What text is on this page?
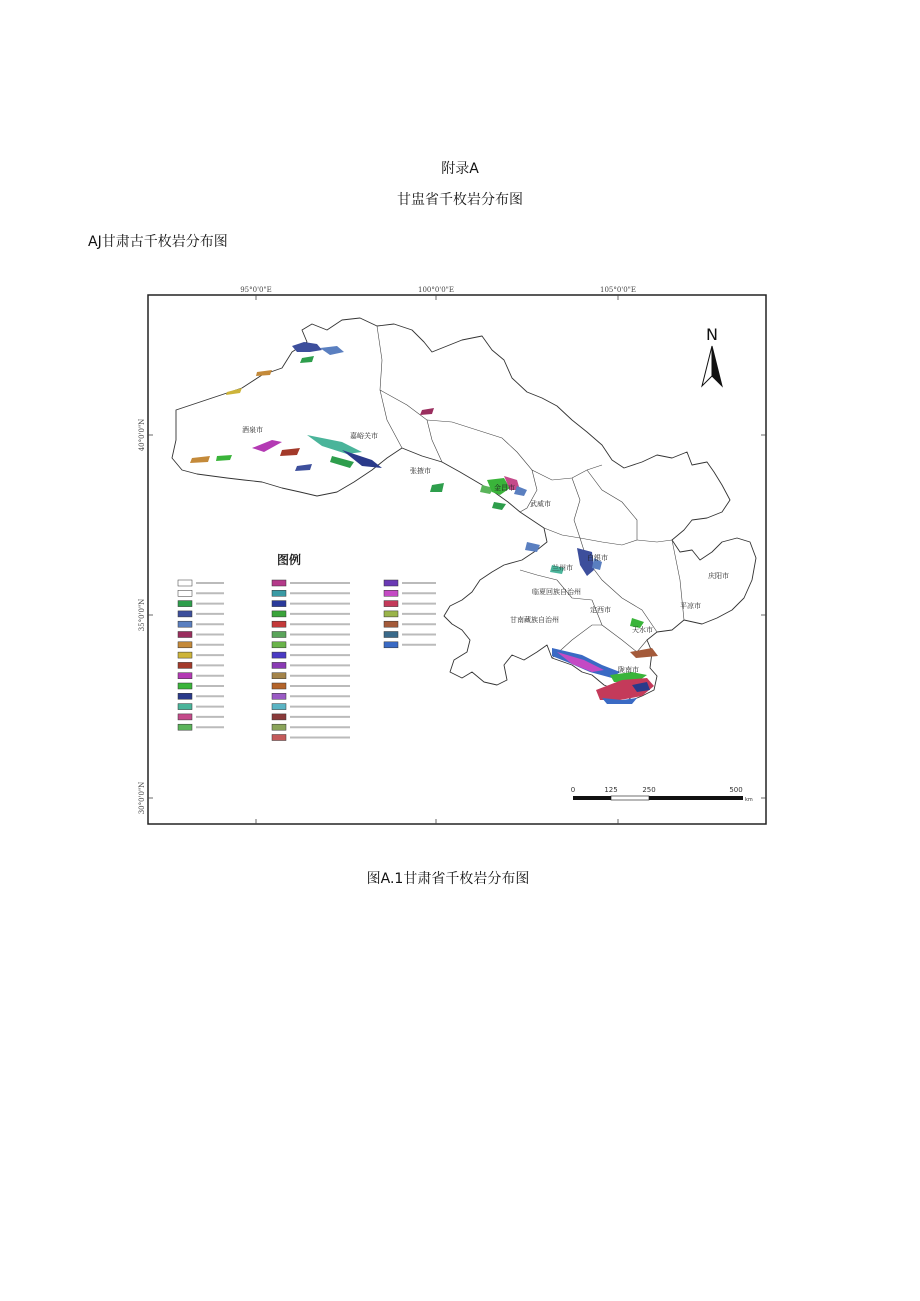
附录A
甘盅省千枚岩分布图
AJ甘肃古千枚岩分布图
95°0'0"E	100°0'0"E	105°0'0"E
40°0'0"N
35°0'0"N
30°0'0"N
酒泉市
嘉峪关市
张掖市
金昌市
武威市
兰州市
白银市
临夏回族自治州
甘南藏族自治州
定西市
天水市
陇南市
平凉市
庆阳市
N
图例
0	125	250	500
km
图A.1甘肃省千枚岩分布图
